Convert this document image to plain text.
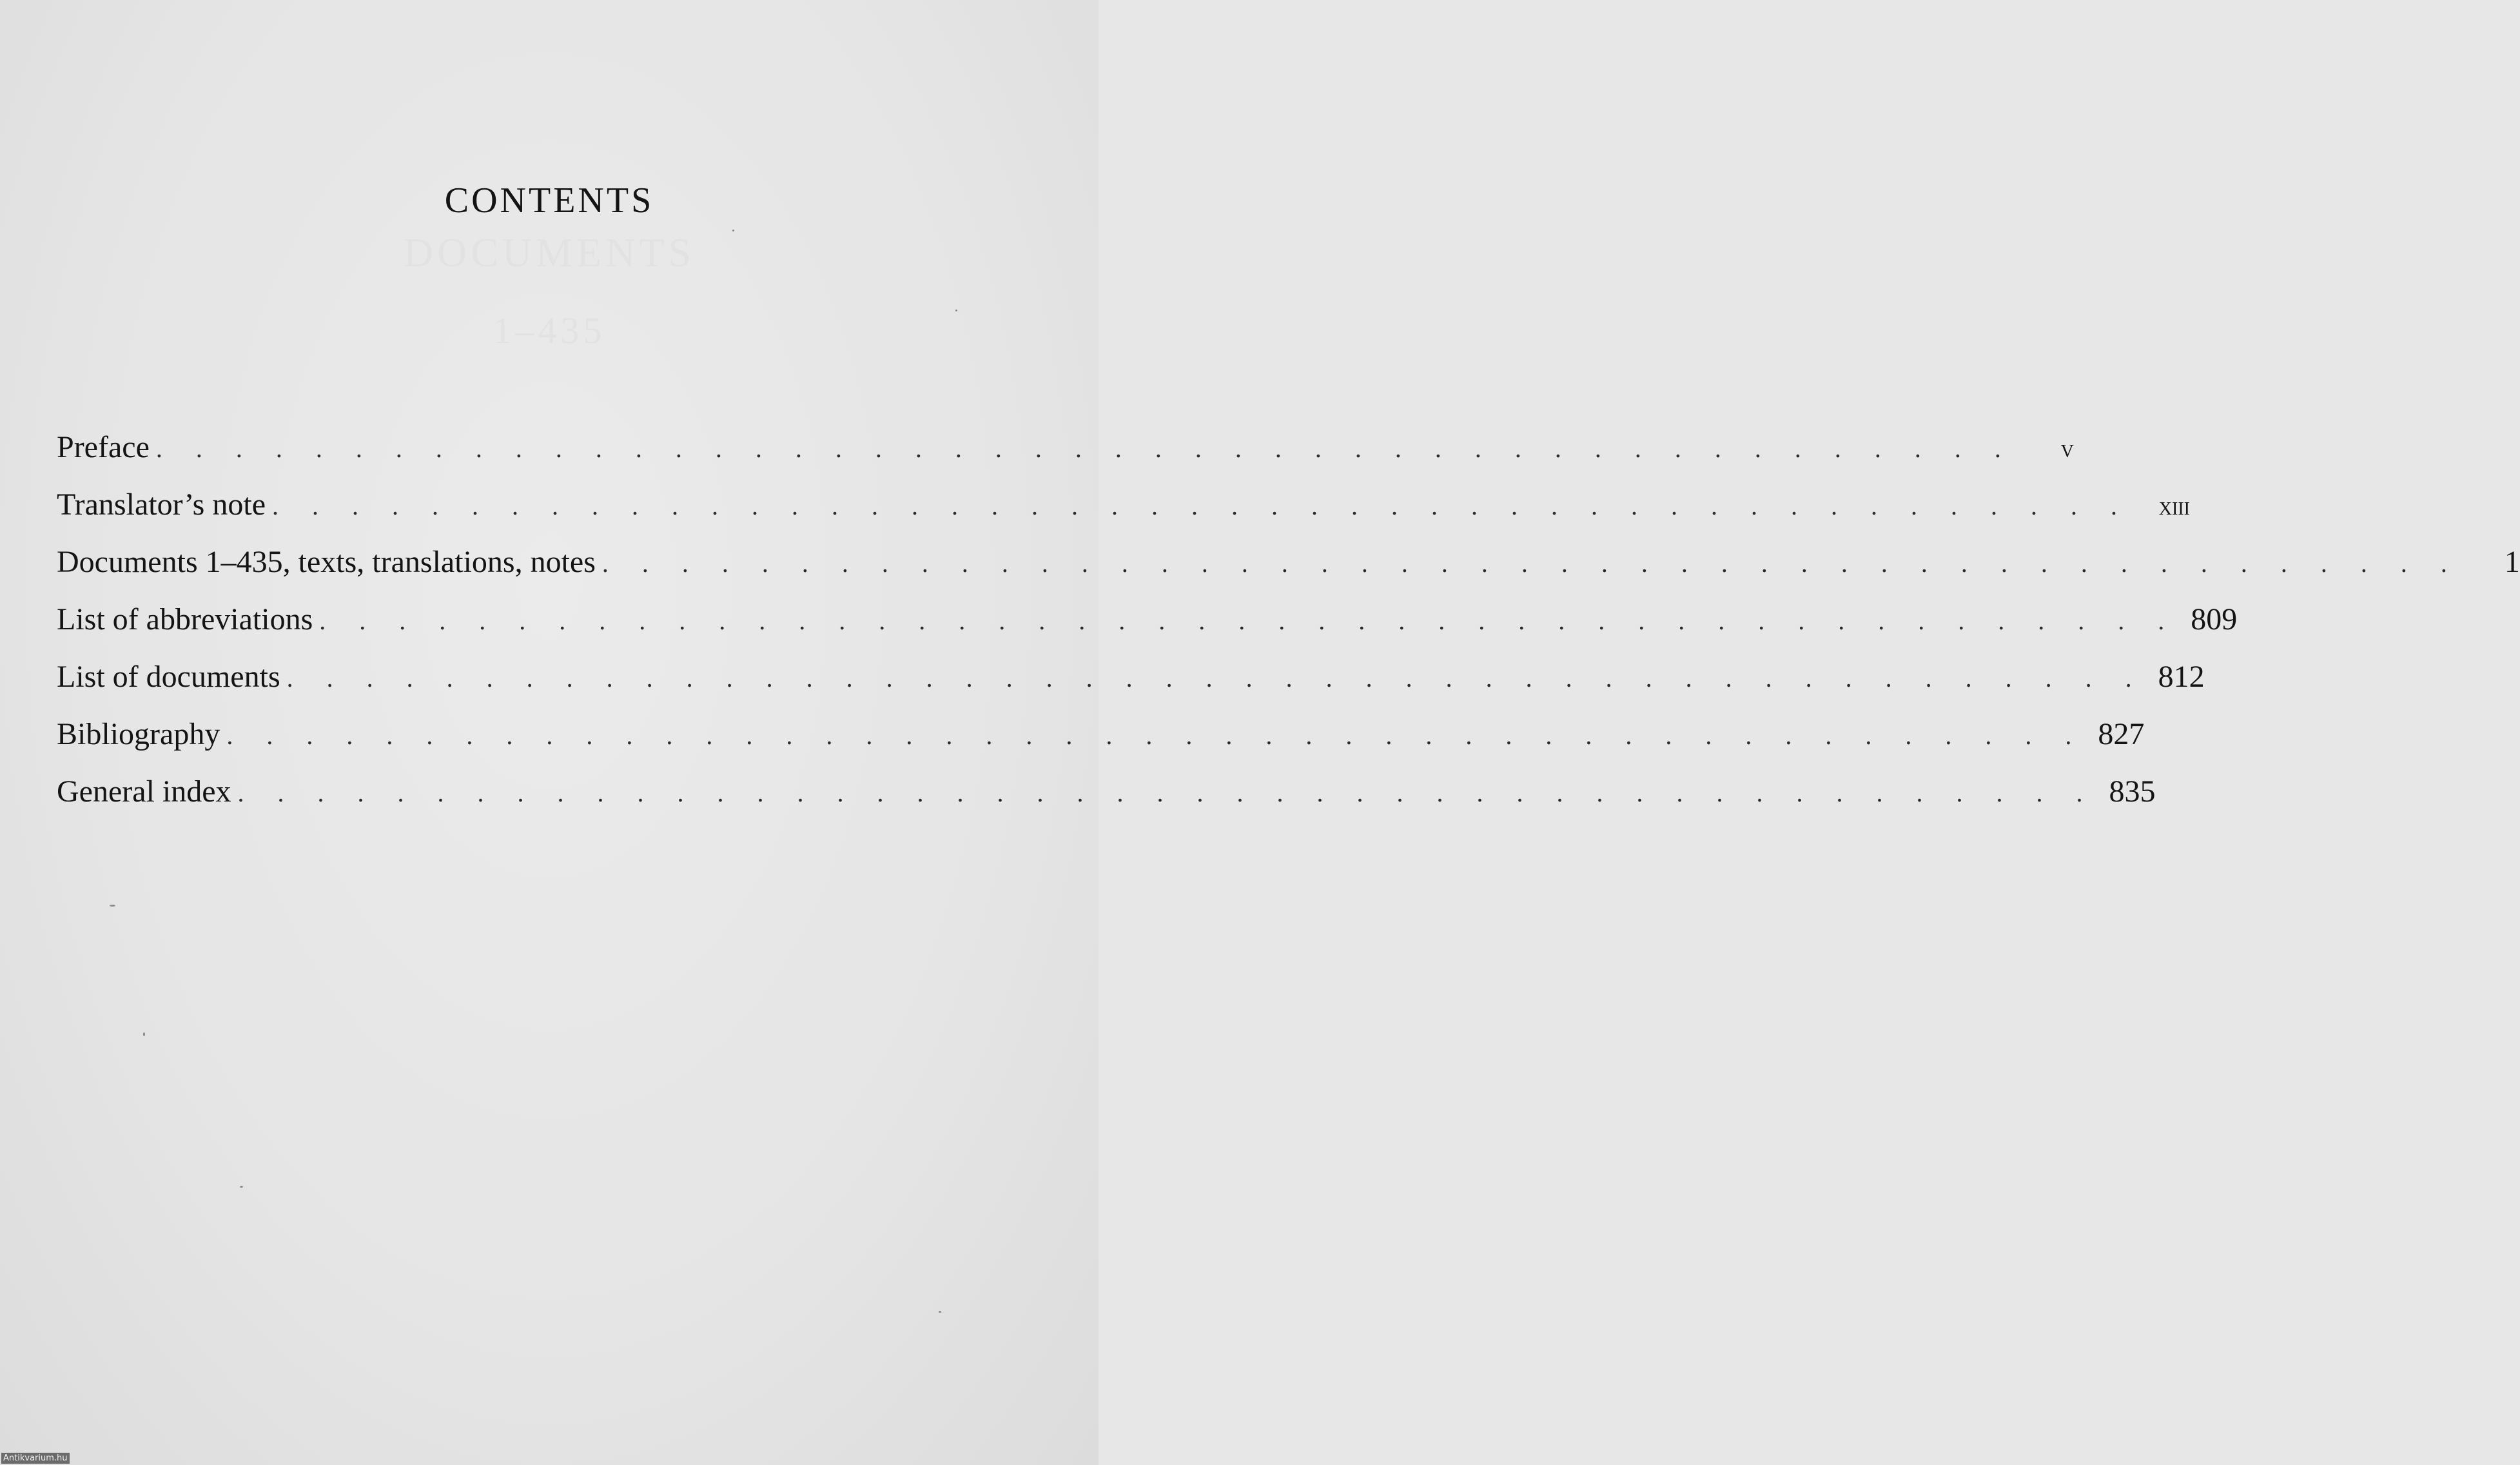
DOCUMENTS
1–435
CONTENTS
Preface . . . . . . . . . . . . . . . . . . . . . . . . . . . . . . . . . . . . . . . . . . . . . . .	v
Translator’s note . . . . . . . . . . . . . . . . . . . . . . . . . . . . . . . . . . . . . . . . . . . . . . .	xiii
Documents 1–435, texts, translations, notes . . . . . . . . . . . . . . . . . . . . . . . . . . . . . . . . . . . . . . . . . . . . . . .	1
List of abbreviations . . . . . . . . . . . . . . . . . . . . . . . . . . . . . . . . . . . . . . . . . . . . . . . 809
List of documents . . . . . . . . . . . . . . . . . . . . . . . . . . . . . . . . . . . . . . . . . . . . . . . 812
Bibliography . . . . . . . . . . . . . . . . . . . . . . . . . . . . . . . . . . . . . . . . . . . . . . . 827
General index . . . . . . . . . . . . . . . . . . . . . . . . . . . . . . . . . . . . . . . . . . . . . . . 835
Antikvarium.hu
